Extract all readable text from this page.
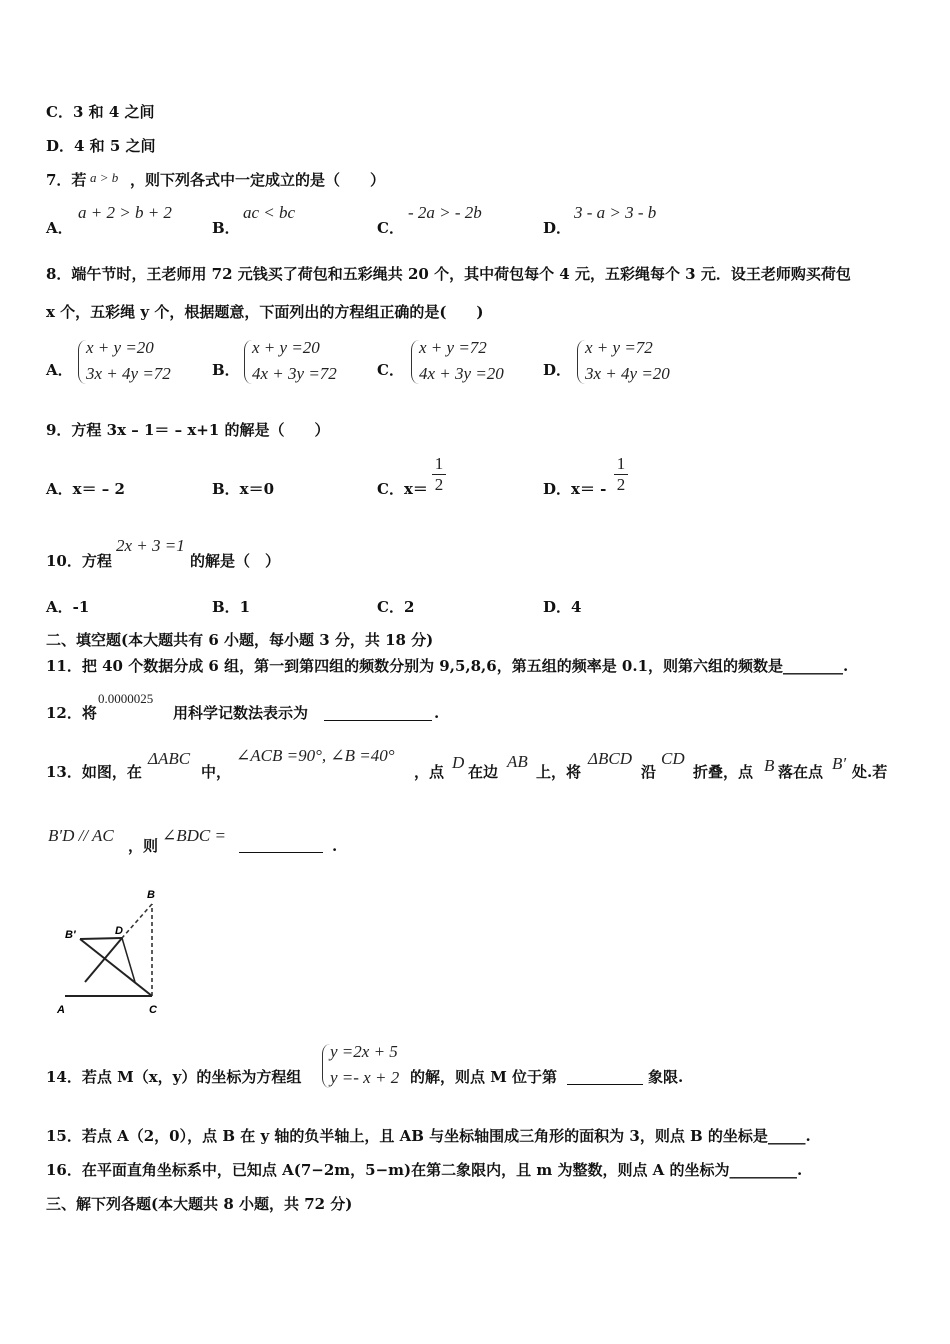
C．3 和 4 之间
D．4 和 5 之间
7．若 a > b ，则下列各式中一定成立的是（　　）
A．
a + 2 > b + 2
B．
ac < bc
C．
- 2a > - 2b
D．
3 - a > 3 - b
8．端午节时，王老师用 72 元钱买了荷包和五彩绳共 20 个，其中荷包每个 4 元，五彩绳每个 3 元．设王老师购买荷包
x 个，五彩绳 y 个，根据题意，下面列出的方程组正确的是(　　)
A．
x + y =20
3x + 4y =72	B．
x + y =20
4x + 3y =72	C．
x + y =72
4x + 3y =20	D．
x + y =72
3x + 4y =20
9．方程 3x – 1＝ – x+1 的解是（　　）
A．x＝ – 2	B．x＝0	C．x＝
1
2	D．x＝ -
1
2
10．方程
2x + 3 =1
的解是（　）
A．-1	B．1	C．2	D．4
二、填空题(本大题共有 6 小题，每小题 3 分，共 18 分)
11．把 40 个数据分成 6 组，第一到第四组的频数分别为 9,5,8,6，第五组的频率是 0.1，则第六组的频数是________.
12．将
0.0000025
用科学记数法表示为	.
13．如图，在
ΔABC
中，
∠ACB =90°, ∠B =40°
，点 D 在边
AB
上，将
ΔBCD
沿
CD
折叠，点 B 落在点 B′ 处.若
B′D // AC
，则
∠BDC =
.
A	C
B
D
B′
14．若点 M（x，y）的坐标为方程组
y =2x + 5
y =- x + 2 的解，则点 M 位于第	象限.
15．若点 A（2，0），点 B 在 y 轴的负半轴上，且 AB 与坐标轴围成三角形的面积为 3，则点 B 的坐标是_____.
16．在平面直角坐标系中，已知点 A(7−2m，5−m)在第二象限内，且 m 为整数，则点 A 的坐标为_________.
三、解下列各题(本大题共 8 小题，共 72 分)
